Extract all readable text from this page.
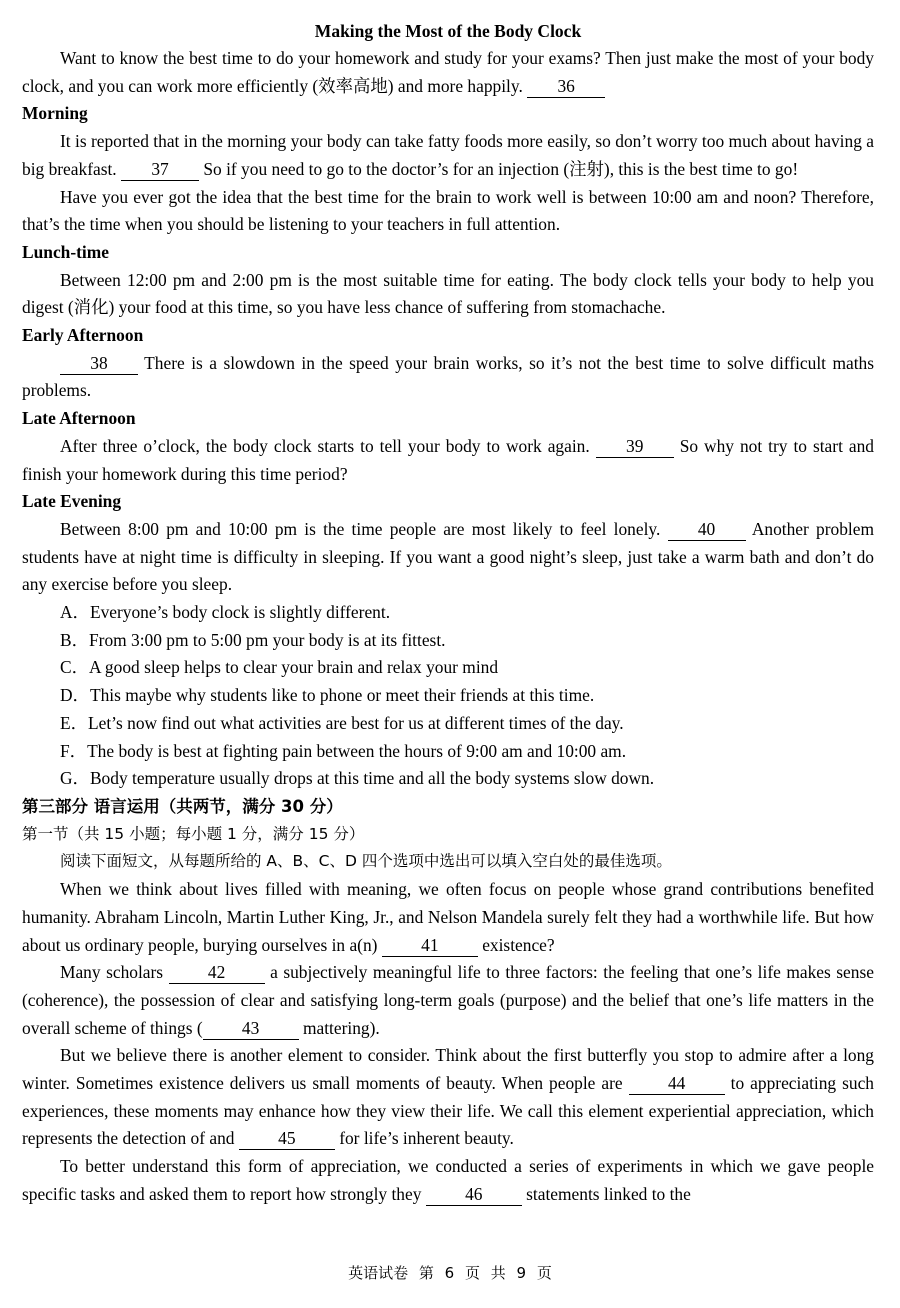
Making the Most of the Body Clock

Want to know the best time to do your homework and study for your exams? Then just make the most of your body clock, and you can work more efficiently (效率高地) and more happily. 36

Morning

It is reported that in the morning your body can take fatty foods more easily, so don’t worry too much about having a big breakfast. 37 So if you need to go to the doctor’s for an injection (注射), this is the best time to go!

Have you ever got the idea that the best time for the brain to work well is between 10:00 am and noon? Therefore, that’s the time when you should be listening to your teachers in full attention.

Lunch-time

Between 12:00 pm and 2:00 pm is the most suitable time for eating. The body clock tells your body to help you digest (消化) your food at this time, so you have less chance of suffering from stomachache.

Early Afternoon

38 There is a slowdown in the speed your brain works, so it’s not the best time to solve difficult maths problems.

Late Afternoon

After three o’clock, the body clock starts to tell your body to work again. 39 So why not try to start and finish your homework during this time period?

Late Evening

Between 8:00 pm and 10:00 pm is the time people are most likely to feel lonely. 40 Another problem students have at night time is difficulty in sleeping. If you want a good night’s sleep, just take a warm bath and don’t do any exercise before you sleep.

A．Everyone’s body clock is slightly different.
B．From 3:00 pm to 5:00 pm your body is at its fittest.
C．A good sleep helps to clear your brain and relax your mind
D．This maybe why students like to phone or meet their friends at this time.
E．Let’s now find out what activities are best for us at different times of the day.
F．The body is best at fighting pain between the hours of 9:00 am and 10:00 am.
G．Body temperature usually drops at this time and all the body systems slow down.
第三部分 语言运用（共两节，满分 30 分）
第一节（共 15 小题；每小题 1 分，满分 15 分）
阅读下面短文，从每题所给的 A、B、C、D 四个选项中选出可以填入空白处的最佳选项。

When we think about lives filled with meaning, we often focus on people whose grand contributions benefited humanity. Abraham Lincoln, Martin Luther King, Jr., and Nelson Mandela surely felt they had a worthwhile life. But how about us ordinary people, burying ourselves in a(n)	41	existence?

Many scholars	42	a subjectively meaningful life to three factors: the feeling that one’s life makes sense (coherence), the possession of clear and satisfying long-term goals (purpose) and the belief that one’s life matters in the overall scheme of things ( 43	mattering).

But we believe there is another element to consider. Think about the first butterfly you stop to admire after a long winter. Sometimes existence delivers us small moments of beauty. When people are	44	to appreciating such experiences, these moments may enhance how they view their life. We call this element experiential appreciation, which represents the detection of and	45	for life’s inherent beauty.

To better understand this form of appreciation, we conducted a series of experiments in which we gave people specific tasks and asked them to report how strongly they	46	statements linked to the

英语试卷 第 6 页 共 9 页
